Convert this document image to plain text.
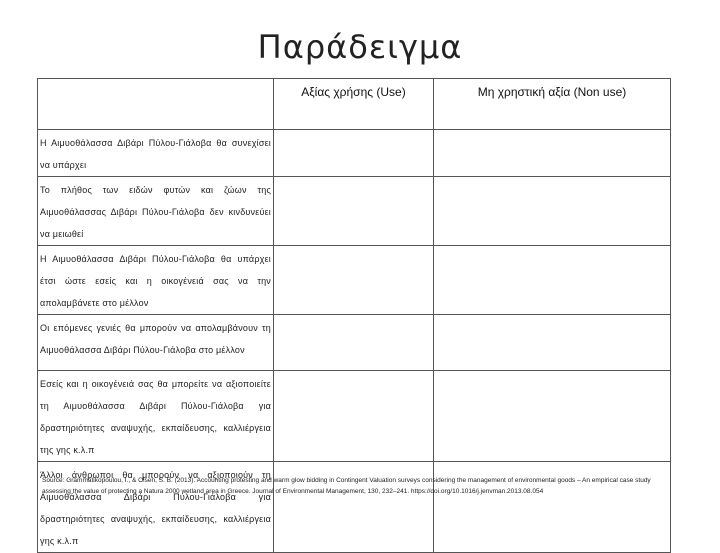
Παράδειγμα
	Αξίας χρήσης (Use)	Μη χρηστική αξία (Non use)
Η Αιμυοθάλασσα Διβάρι Πύλου-Γιάλοβα θα συνεχίσει να υπάρχει		
Το πλήθος των ειδών φυτών και ζώων της Αιμυοθάλασσας Διβάρι Πύλου-Γιάλοβα δεν κινδυνεύει να μειωθεί		
Η Αιμυοθάλασσα Διβάρι Πύλου-Γιάλοβα θα υπάρχει έτσι ώστε εσείς και η οικογένειά σας να την απολαμβάνετε στο μέλλον		
Οι επόμενες γενιές θα μπορούν να απολαμβάνουν τη Αιμυοθάλασσα Διβάρι Πύλου-Γιάλοβα στο μέλλον		
Εσείς και η οικογένειά σας θα μπορείτε να αξιοποιείτε τη Αιμυοθάλασσα Διβάρι Πύλου-Γιάλοβα για δραστηριότητες αναψυχής, εκπαίδευσης, καλλιέργεια της γης κ.λ.π		
Άλλοι άνθρωποι θα μπορούν να αξιοποιούν τη Αιμυοθάλασσα Διβάρι Πύλου-Γιάλοβα για δραστηριότητες αναψυχής, εκπαίδευσης, καλλιέργεια γης κ.λ.π		
Source: Grammatikopoulou, I., & Olsen, S. B. (2013). Accounting protesting and warm glow bidding in Contingent Valuation surveys considering the management of environmental goods – An empirical case study assessing the value of protecting a Natura 2000 wetland area in Greece. Journal of Environmental Management, 130, 232–241. https://doi.org/10.1016/j.jenvman.2013.08.054
